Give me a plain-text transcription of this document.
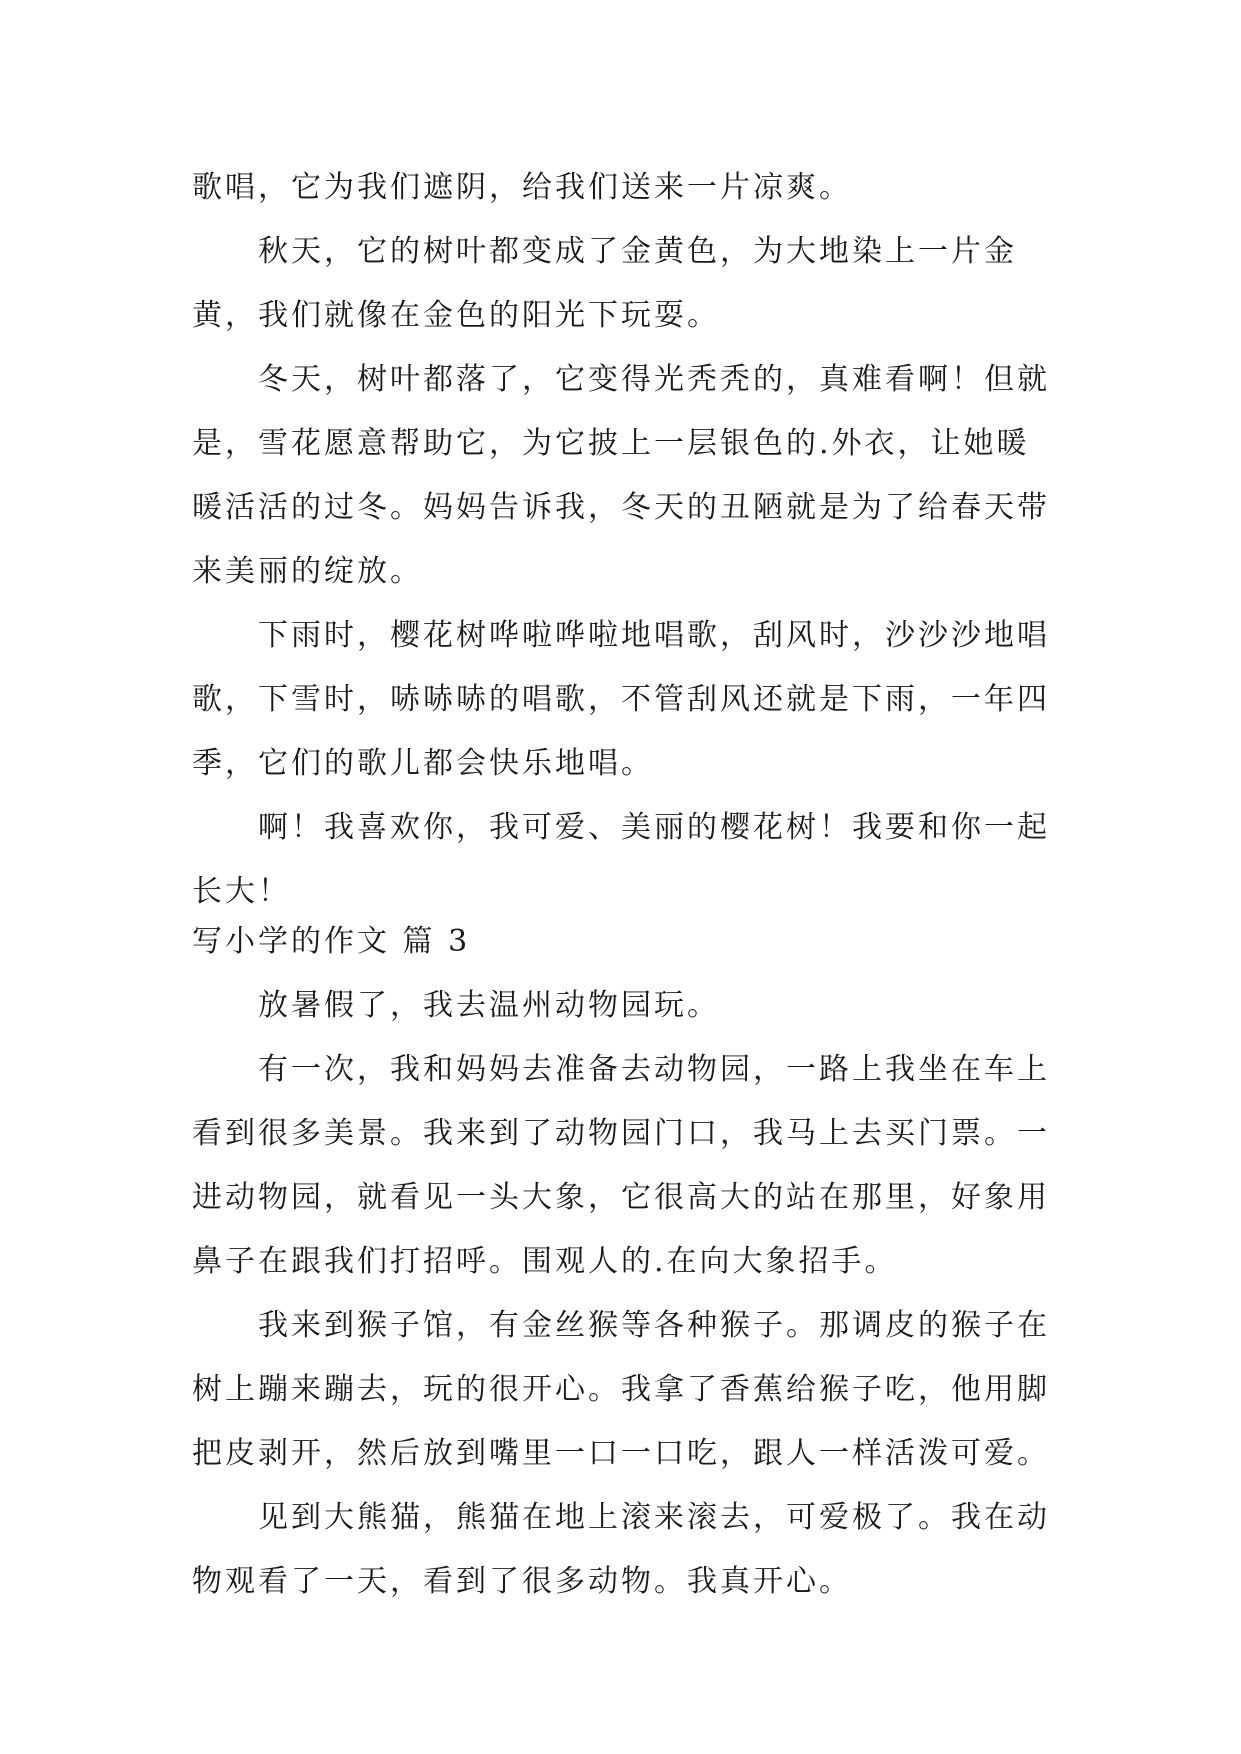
歌唱，它为我们遮阴，给我们送来一片凉爽。

秋天，它的树叶都变成了金黄色，为大地染上一片金黄，我们就像在金色的阳光下玩耍。

冬天，树叶都落了，它变得光秃秃的，真难看啊！但就是，雪花愿意帮助它，为它披上一层银色的.外衣，让她暖暖活活的过冬。妈妈告诉我，冬天的丑陋就是为了给春天带来美丽的绽放。

下雨时，樱花树哗啦哗啦地唱歌，刮风时，沙沙沙地唱歌，下雪时，哧哧哧的唱歌，不管刮风还就是下雨，一年四季，它们的歌儿都会快乐地唱。

啊！我喜欢你，我可爱、美丽的樱花树！我要和你一起长大！

写小学的作文 篇 3

放暑假了，我去温州动物园玩。

有一次，我和妈妈去准备去动物园，一路上我坐在车上看到很多美景。我来到了动物园门口，我马上去买门票。一进动物园，就看见一头大象，它很高大的站在那里，好象用鼻子在跟我们打招呼。围观人的.在向大象招手。

我来到猴子馆，有金丝猴等各种猴子。那调皮的猴子在树上蹦来蹦去，玩的很开心。我拿了香蕉给猴子吃，他用脚把皮剥开，然后放到嘴里一口一口吃，跟人一样活泼可爱。

见到大熊猫，熊猫在地上滚来滚去，可爱极了。我在动物观看了一天，看到了很多动物。我真开心。
